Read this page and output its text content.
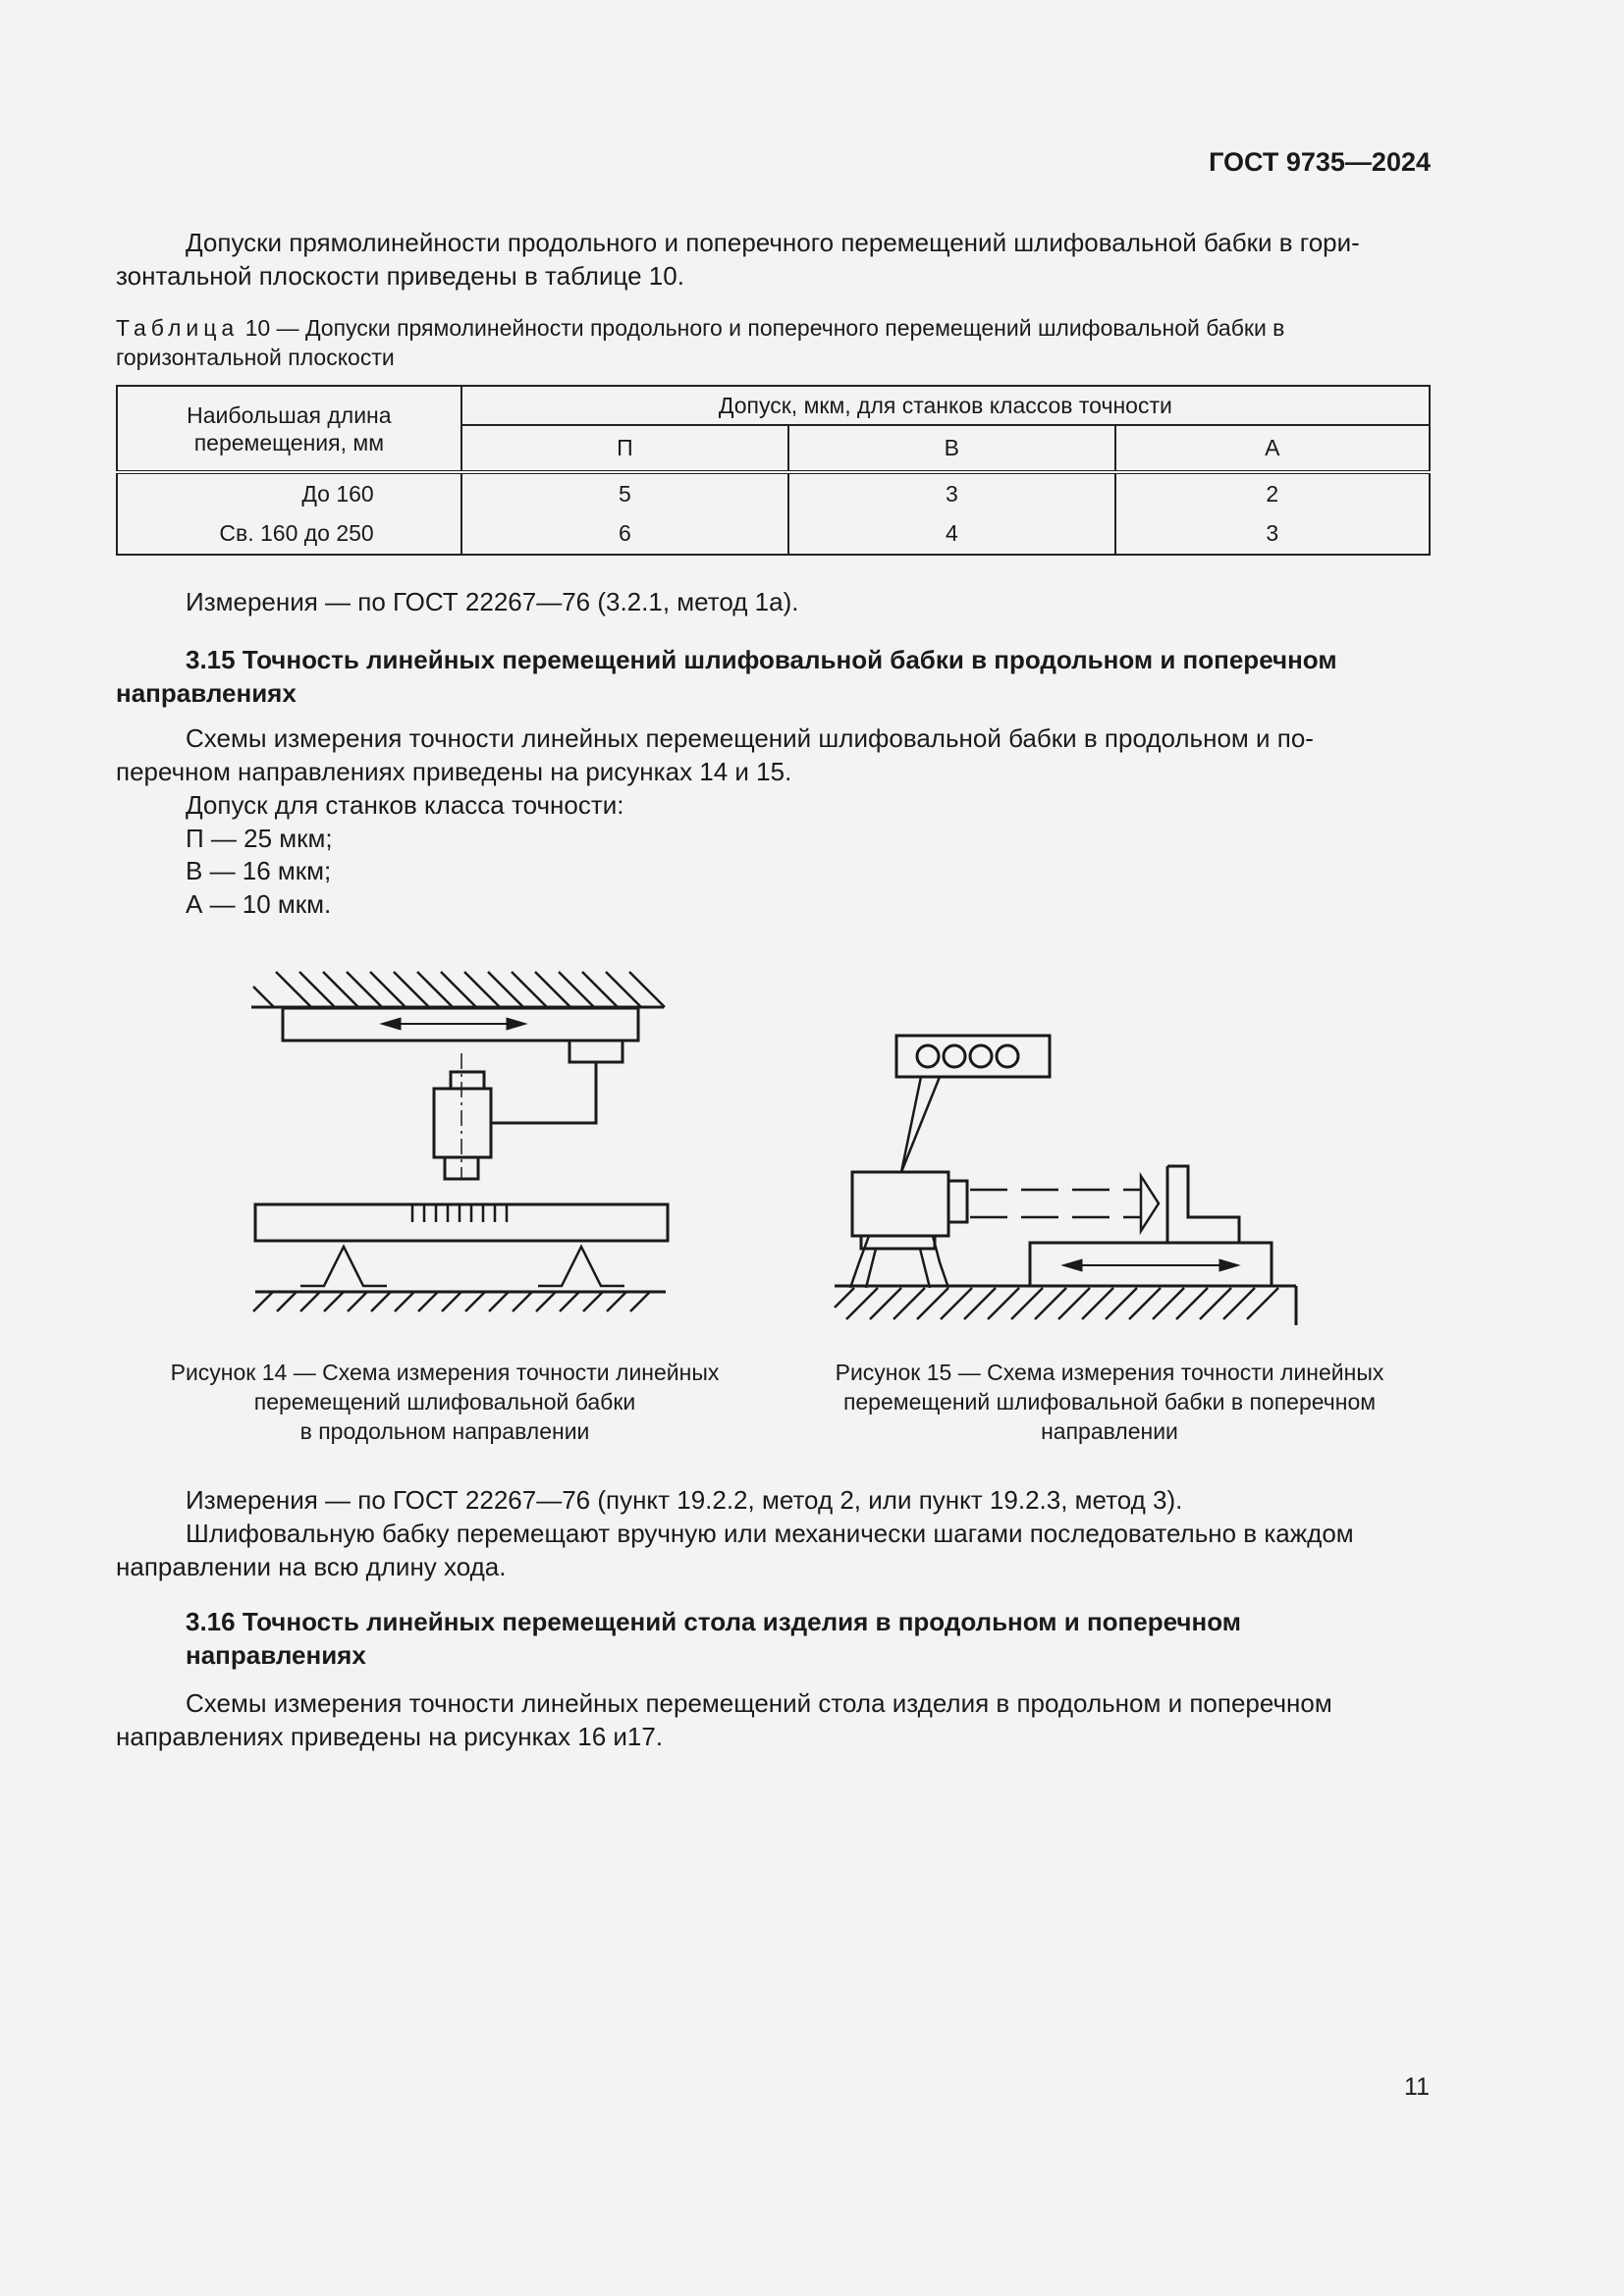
ГОСТ 9735—2024
Допуски прямолинейности продольного и поперечного перемещений шлифовальной бабки в гори-
зонтальной плоскости приведены в таблице 10.
Таблица 10 — Допуски прямолинейности продольного и поперечного перемещений шлифовальной бабки в
горизонтальной плоскости
Наибольшая длина перемещения, мм	Допуск, мкм, для станков классов точности		
	П	В	А
До 160	5	3	2
Св. 160 до 250	6	4	3
Измерения — по ГОСТ 22267—76 (3.2.1, метод 1а).
3.15 Точность линейных перемещений шлифовальной бабки в продольном и поперечном
направлениях
Схемы измерения точности линейных перемещений шлифовальной бабки в продольном и по-
перечном направлениях приведены на рисунках 14 и 15.
Допуск для станков класса точности:
П — 25 мкм;
В — 16 мкм;
А — 10 мкм.
Рисунок 14 — Схема измерения точности линейных
перемещений шлифовальной бабки
в продольном направлении
Рисунок 15 — Схема измерения точности линейных
перемещений шлифовальной бабки в поперечном
направлении
Измерения — по ГОСТ 22267—76 (пункт 19.2.2, метод 2, или пункт 19.2.3, метод 3).
Шлифовальную бабку перемещают вручную или механически шагами последовательно в каждом
направлении на всю длину хода.
3.16 Точность линейных перемещений стола изделия в продольном и поперечном
направлениях
Схемы измерения точности линейных перемещений стола изделия в продольном и поперечном
направлениях приведены на рисунках 16 и17.
11
